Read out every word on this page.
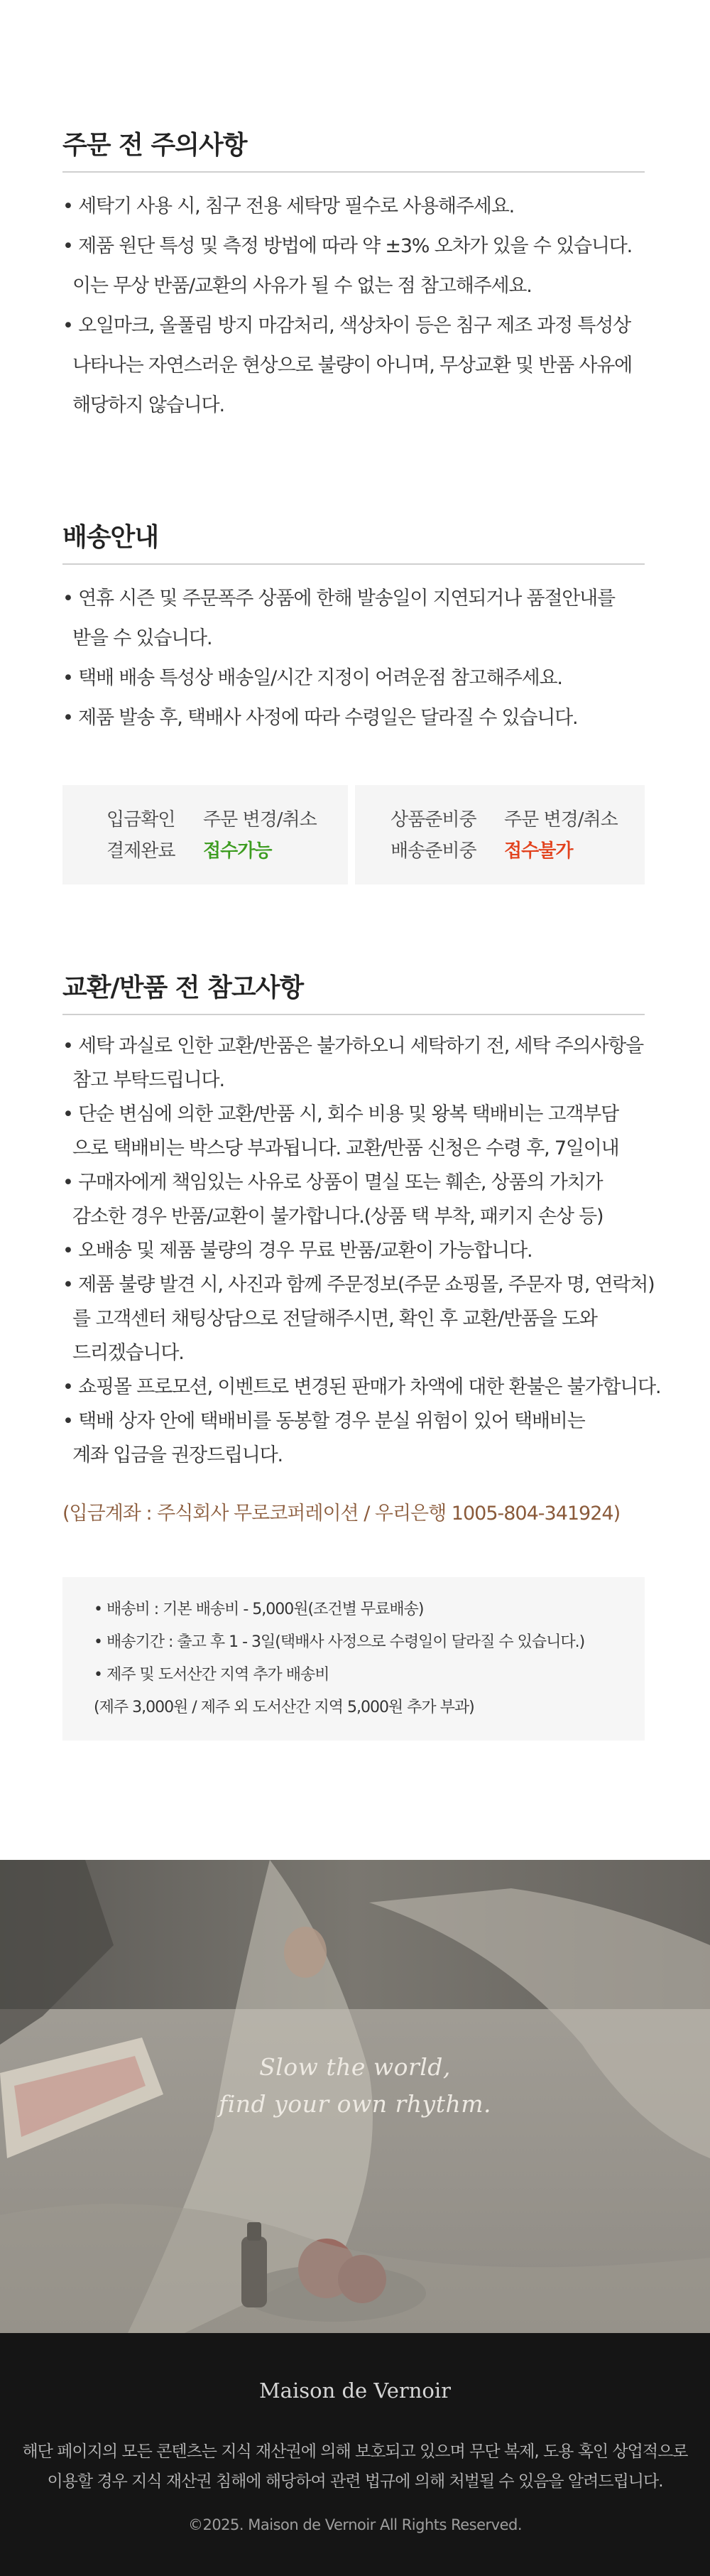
주문 전 주의사항
• 세탁기 사용 시, 침구 전용 세탁망 필수로 사용해주세요.
• 제품 원단 특성 및 측정 방법에 따라 약 ±3% 오차가 있을 수 있습니다.
이는 무상 반품/교환의 사유가 될 수 없는 점 참고해주세요.
• 오일마크, 올풀림 방지 마감처리, 색상차이 등은 침구 제조 과정 특성상
나타나는 자연스러운 현상으로 불량이 아니며, 무상교환 및 반품 사유에
해당하지 않습니다.
배송안내
• 연휴 시즌 및 주문폭주 상품에 한해 발송일이 지연되거나 품절안내를
받을 수 있습니다.
• 택배 배송 특성상 배송일/시간 지정이 어려운점 참고해주세요.
• 제품 발송 후, 택배사 사정에 따라 수령일은 달라질 수 있습니다.
입금확인
결제완료
주문 변경/취소
접수가능
상품준비중
배송준비중
주문 변경/취소
접수불가
교환/반품 전 참고사항
• 세탁 과실로 인한 교환/반품은 불가하오니 세탁하기 전, 세탁 주의사항을
참고 부탁드립니다.
• 단순 변심에 의한 교환/반품 시, 회수 비용 및 왕복 택배비는 고객부담
으로 택배비는 박스당 부과됩니다. 교환/반품 신청은 수령 후, 7일이내
• 구매자에게 책임있는 사유로 상품이 멸실 또는 훼손, 상품의 가치가
감소한 경우 반품/교환이 불가합니다.(상품 택 부착, 패키지 손상 등)
• 오배송 및 제품 불량의 경우 무료 반품/교환이 가능합니다.
• 제품 불량 발견 시, 사진과 함께 주문정보(주문 쇼핑몰, 주문자 명, 연락처)
를 고객센터 채팅상담으로 전달해주시면, 확인 후 교환/반품을 도와
드리겠습니다.
• 쇼핑몰 프로모션, 이벤트로 변경된 판매가 차액에 대한 환불은 불가합니다.
• 택배 상자 안에 택배비를 동봉할 경우 분실 위험이 있어 택배비는
계좌 입금을 권장드립니다.
(입금계좌 : 주식회사 무로코퍼레이션 / 우리은행 1005-804-341924)
• 배송비 : 기본 배송비 - 5,000원(조건별 무료배송)
• 배송기간 : 출고 후 1 - 3일(택배사 사정으로 수령일이 달라질 수 있습니다.)
• 제주 및 도서산간 지역 추가 배송비
(제주 3,000원 / 제주 외 도서산간 지역 5,000원 추가 부과)
Slow the world,
find your own rhythm.
Maison de Vernoir
해단 페이지의 모든 콘텐츠는 지식 재산권에 의해 보호되고 있으며 무단 복제, 도용 혹인 상업적으로
이용할 경우 지식 재산권 침해에 해당하여 관련 법규에 의해 처벌될 수 있음을 알려드립니다.
©2025. Maison de Vernoir All Rights Reserved.
